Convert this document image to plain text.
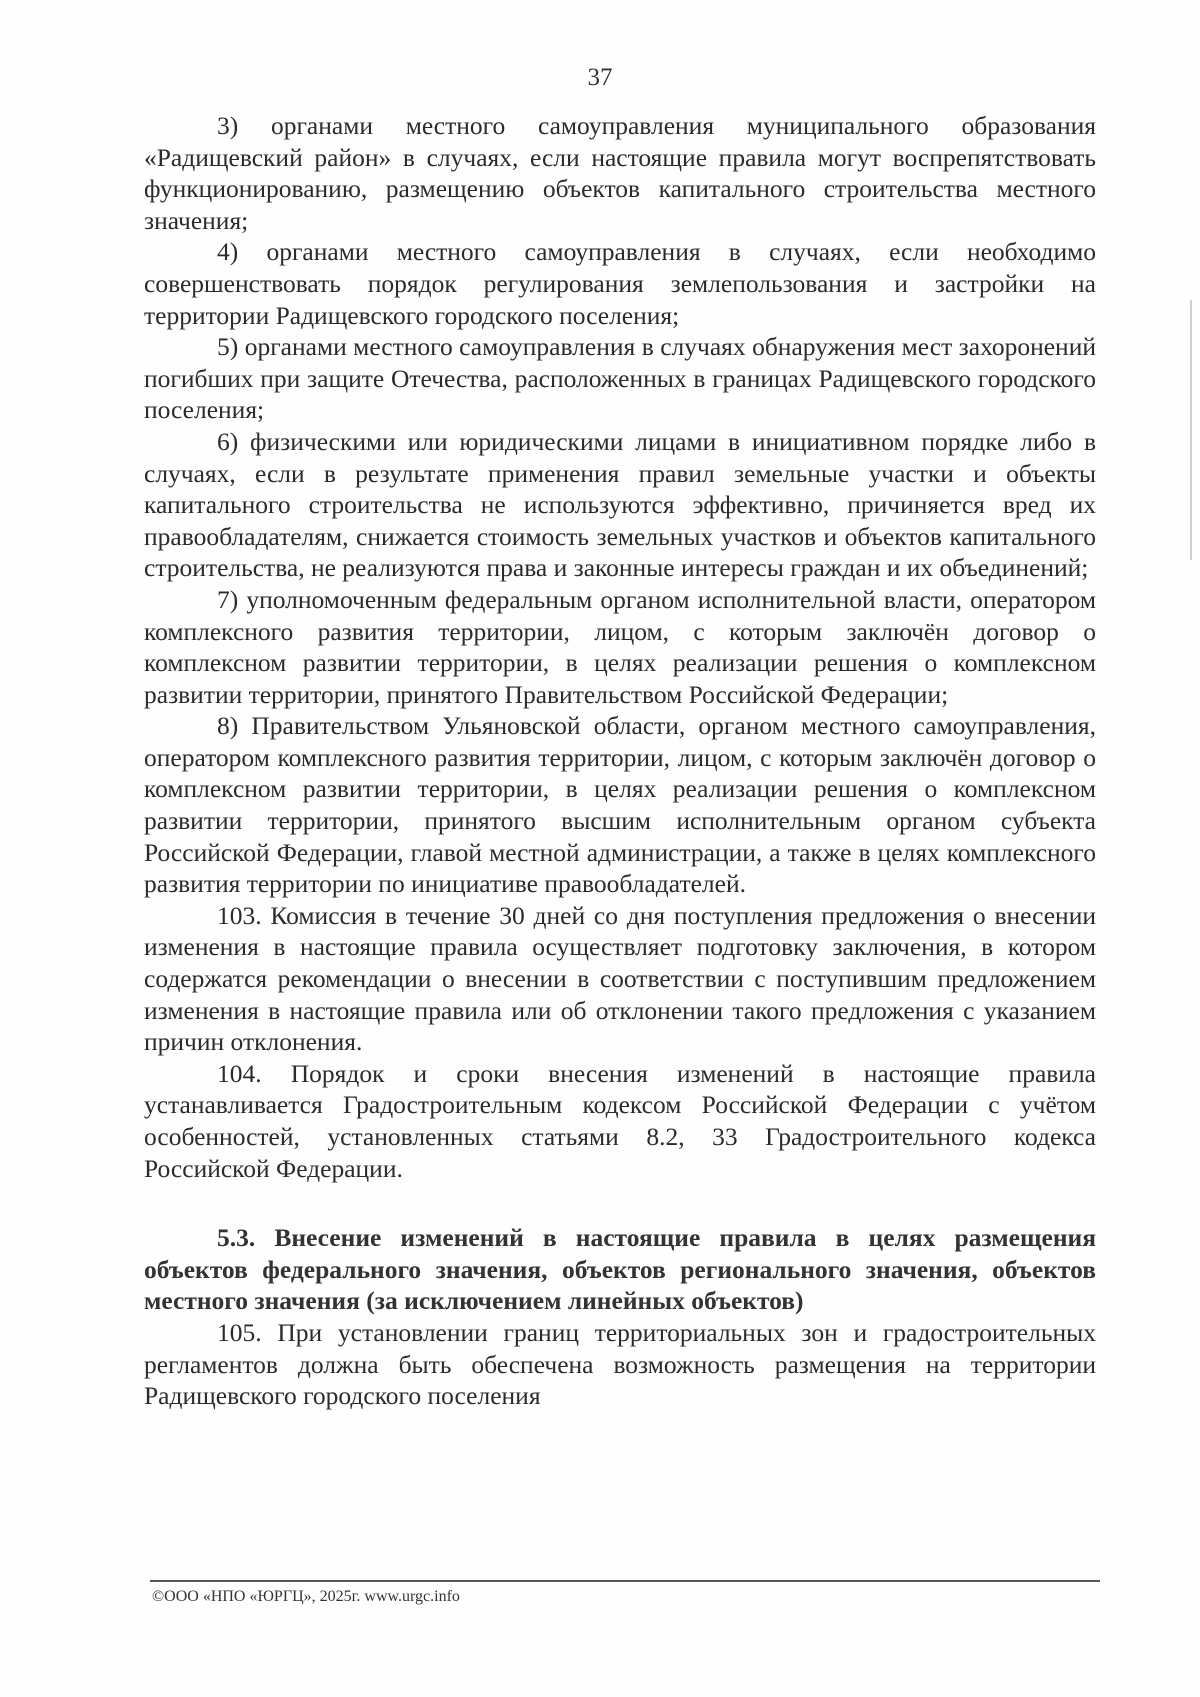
37

3) органами местного самоуправления муниципального образования «Радищевский район» в случаях, если настоящие правила могут воспрепятствовать функционированию, размещению объектов капитального строительства местного значения;

4) органами местного самоуправления в случаях, если необходимо совершенствовать порядок регулирования землепользования и застройки на территории Радищевского городского поселения;

5) органами местного самоуправления в случаях обнаружения мест захоронений погибших при защите Отечества, расположенных в границах Радищевского городского поселения;

6) физическими или юридическими лицами в инициативном порядке либо в случаях, если в результате применения правил земельные участки и объекты капитального строительства не используются эффективно, причиняется вред их правообладателям, снижается стоимость земельных участков и объектов капитального строительства, не реализуются права и законные интересы граждан и их объединений;

7) уполномоченным федеральным органом исполнительной власти, оператором комплексного развития территории, лицом, с которым заключён договор о комплексном развитии территории, в целях реализации решения о комплексном развитии территории, принятого Правительством Российской Федерации;

8) Правительством Ульяновской области, органом местного самоуправления, оператором комплексного развития территории, лицом, с которым заключён договор о комплексном развитии территории, в целях реализации решения о комплексном развитии территории, принятого высшим исполнительным органом субъекта Российской Федерации, главой местной администрации, а также в целях комплексного развития территории по инициативе правообладателей.

103. Комиссия в течение 30 дней со дня поступления предложения о внесении изменения в настоящие правила осуществляет подготовку заключения, в котором содержатся рекомендации о внесении в соответствии с поступившим предложением изменения в настоящие правила или об отклонении такого предложения с указанием причин отклонения.

104. Порядок и сроки внесения изменений в настоящие правила устанавливается Градостроительным кодексом Российской Федерации с учётом особенностей, установленных статьями 8.2, 33 Градостроительного кодекса Российской Федерации.

5.3. Внесение изменений в настоящие правила в целях размещения объектов федерального значения, объектов регионального значения, объектов местного значения (за исключением линейных объектов)

105. При установлении границ территориальных зон и градостроительных регламентов должна быть обеспечена возможность размещения на территории Радищевского городского поселения

©ООО «НПО «ЮРГЦ», 2025г. www.urgc.info
